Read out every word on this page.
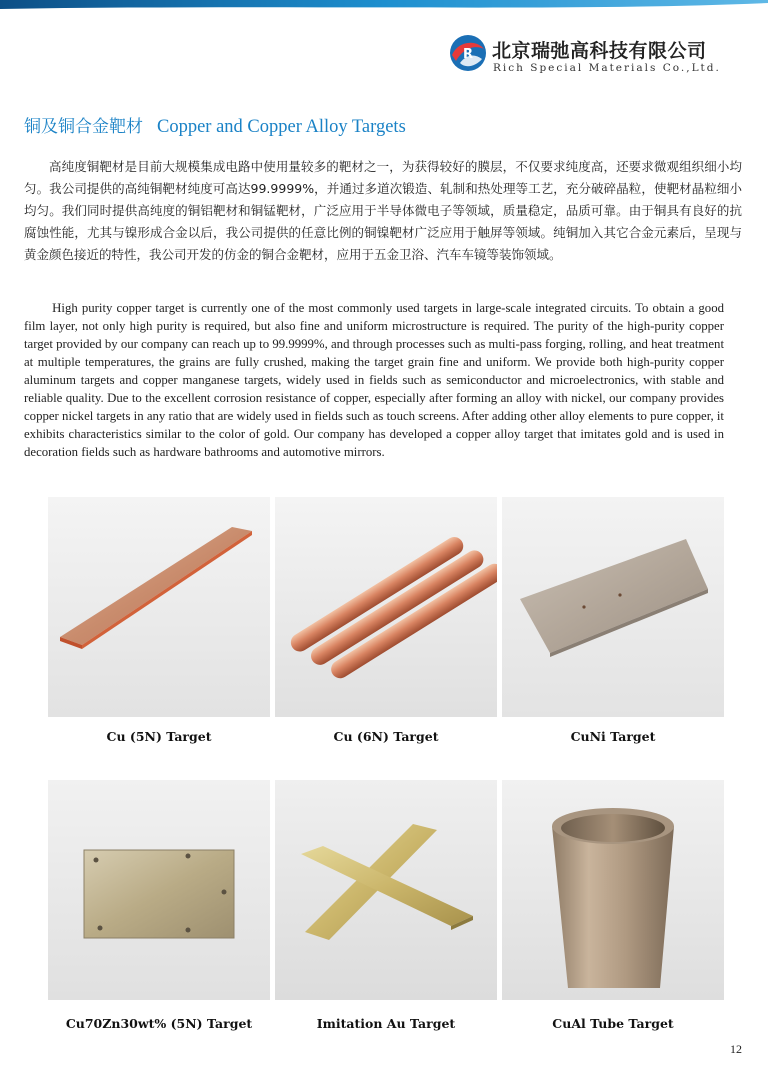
R 北京瑞弛高科技有限公司
Rich Special Materials Co.,Ltd.
铜及铜合金靶材 Copper and Copper Alloy Targets

高纯度铜靶材是目前大规模集成电路中使用量较多的靶材之一，为获得较好的膜层，不仅要求纯度高，还要求微观组织细小均匀。我公司提供的高纯铜靶材纯度可高达99.9999%，并通过多道次锻造、轧制和热处理等工艺，充分破碎晶粒，使靶材晶粒细小均匀。我们同时提供高纯度的铜铝靶材和铜锰靶材，广泛应用于半导体微电子等领域，质量稳定，品质可靠。由于铜具有良好的抗腐蚀性能，尤其与镍形成合金以后，我公司提供的任意比例的铜镍靶材广泛应用于触屏等领域。纯铜加入其它合金元素后，呈现与黄金颜色接近的特性，我公司开发的仿金的铜合金靶材，应用于五金卫浴、汽车车镜等装饰领域。

High purity copper target is currently one of the most commonly used targets in large-scale integrated circuits. To obtain a good film layer, not only high purity is required, but also fine and uniform microstructure is required. The purity of the high-purity copper target provided by our company can reach up to 99.9999%, and through processes such as multi-pass forging, rolling, and heat treatment at multiple temperatures, the grains are fully crushed, making the target grain fine and uniform. We provide both high-purity copper aluminum targets and copper manganese targets, widely used in fields such as semiconductor and microelectronics, with stable and reliable quality. Due to the excellent corrosion resistance of copper, especially after forming an alloy with nickel, our company provides copper nickel targets in any ratio that are widely used in fields such as touch screens. After adding other alloy elements to pure copper, it exhibits characteristics similar to the color of gold. Our company has developed a copper alloy target that imitates gold and is used in decoration fields such as hardware bathrooms and automotive mirrors.

Cu (5N) Target	Cu (6N) Target	CuNi Target
Cu70Zn30wt% (5N) Target	Imitation Au Target	CuAl Tube Target
12
